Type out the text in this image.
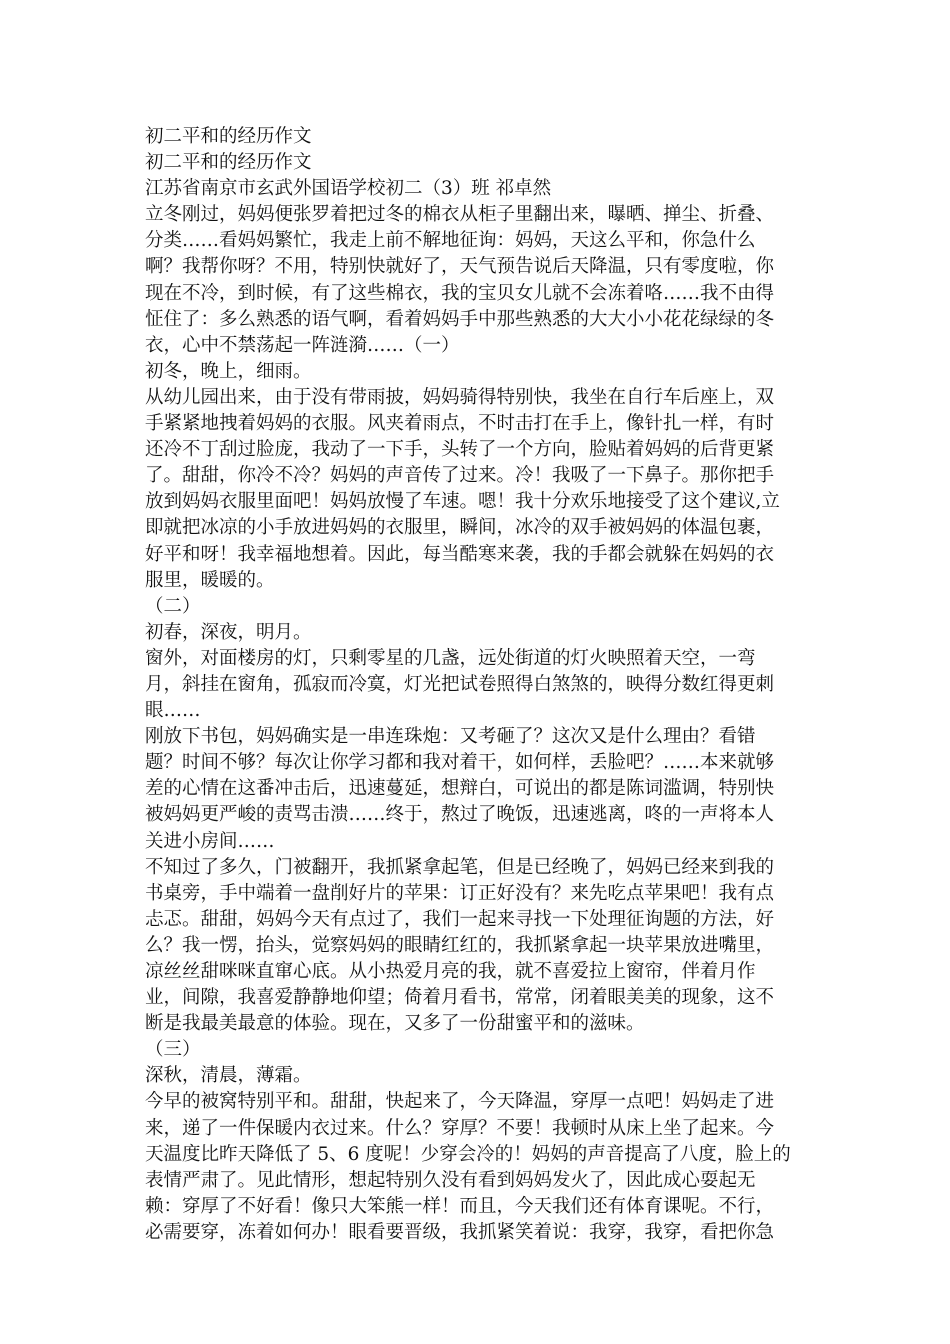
初二平和的经历作文
初二平和的经历作文
江苏省南京市玄武外国语学校初二（3）班 祁卓然
立冬刚过，妈妈便张罗着把过冬的棉衣从柜子里翻出来，曝晒、掸尘、折叠、
分类……看妈妈繁忙，我走上前不解地征询：妈妈，天这么平和，你急什么
啊？我帮你呀？不用，特别快就好了，天气预告说后天降温，只有零度啦，你
现在不冷，到时候，有了这些棉衣，我的宝贝女儿就不会冻着咯……我不由得
怔住了：多么熟悉的语气啊，看着妈妈手中那些熟悉的大大小小花花绿绿的冬
衣，心中不禁荡起一阵涟漪……（一）
初冬，晚上，细雨。
从幼儿园出来，由于没有带雨披，妈妈骑得特别快，我坐在自行车后座上，双
手紧紧地拽着妈妈的衣服。风夹着雨点，不时击打在手上，像针扎一样，有时
还冷不丁刮过脸庞，我动了一下手，头转了一个方向，脸贴着妈妈的后背更紧
了。甜甜，你冷不冷？妈妈的声音传了过来。冷！我吸了一下鼻子。那你把手
放到妈妈衣服里面吧！妈妈放慢了车速。嗯！我十分欢乐地接受了这个建议,立
即就把冰凉的小手放进妈妈的衣服里，瞬间，冰冷的双手被妈妈的体温包裹，
好平和呀！我幸福地想着。因此，每当酷寒来袭，我的手都会就躲在妈妈的衣
服里，暖暖的。
（二）
初春，深夜，明月。
窗外，对面楼房的灯，只剩零星的几盏，远处街道的灯火映照着天空，一弯
月，斜挂在窗角，孤寂而冷寞，灯光把试卷照得白煞煞的，映得分数红得更刺
眼……
刚放下书包，妈妈确实是一串连珠炮：又考砸了？这次又是什么理由？看错
题？时间不够？每次让你学习都和我对着干，如何样，丢脸吧？……本来就够
差的心情在这番冲击后，迅速蔓延，想辩白，可说出的都是陈词滥调，特别快
被妈妈更严峻的责骂击溃……终于，熬过了晚饭，迅速逃离，咚的一声将本人
关进小房间……
不知过了多久，门被翻开，我抓紧拿起笔，但是已经晚了，妈妈已经来到我的
书桌旁，手中端着一盘削好片的苹果：订正好没有？来先吃点苹果吧！我有点
忐忑。甜甜，妈妈今天有点过了，我们一起来寻找一下处理征询题的方法，好
么？我一愣，抬头，觉察妈妈的眼睛红红的，我抓紧拿起一块苹果放进嘴里，
凉丝丝甜咪咪直窜心底。从小热爱月亮的我，就不喜爱拉上窗帘，伴着月作
业，间隙，我喜爱静静地仰望；倚着月看书，常常，闭着眼美美的现象，这不
断是我最美最意的体验。现在，又多了一份甜蜜平和的滋味。
（三）
深秋，清晨，薄霜。
今早的被窝特别平和。甜甜，快起来了，今天降温，穿厚一点吧！妈妈走了进
来，递了一件保暖内衣过来。什么？穿厚？不要！我顿时从床上坐了起来。今
天温度比昨天降低了 5、6 度呢！少穿会冷的！妈妈的声音提高了八度，脸上的
表情严肃了。见此情形，想起特别久没有看到妈妈发火了，因此成心耍起无
赖：穿厚了不好看！像只大笨熊一样！而且，今天我们还有体育课呢。不行，
必需要穿，冻着如何办！眼看要晋级，我抓紧笑着说：我穿，我穿，看把你急
